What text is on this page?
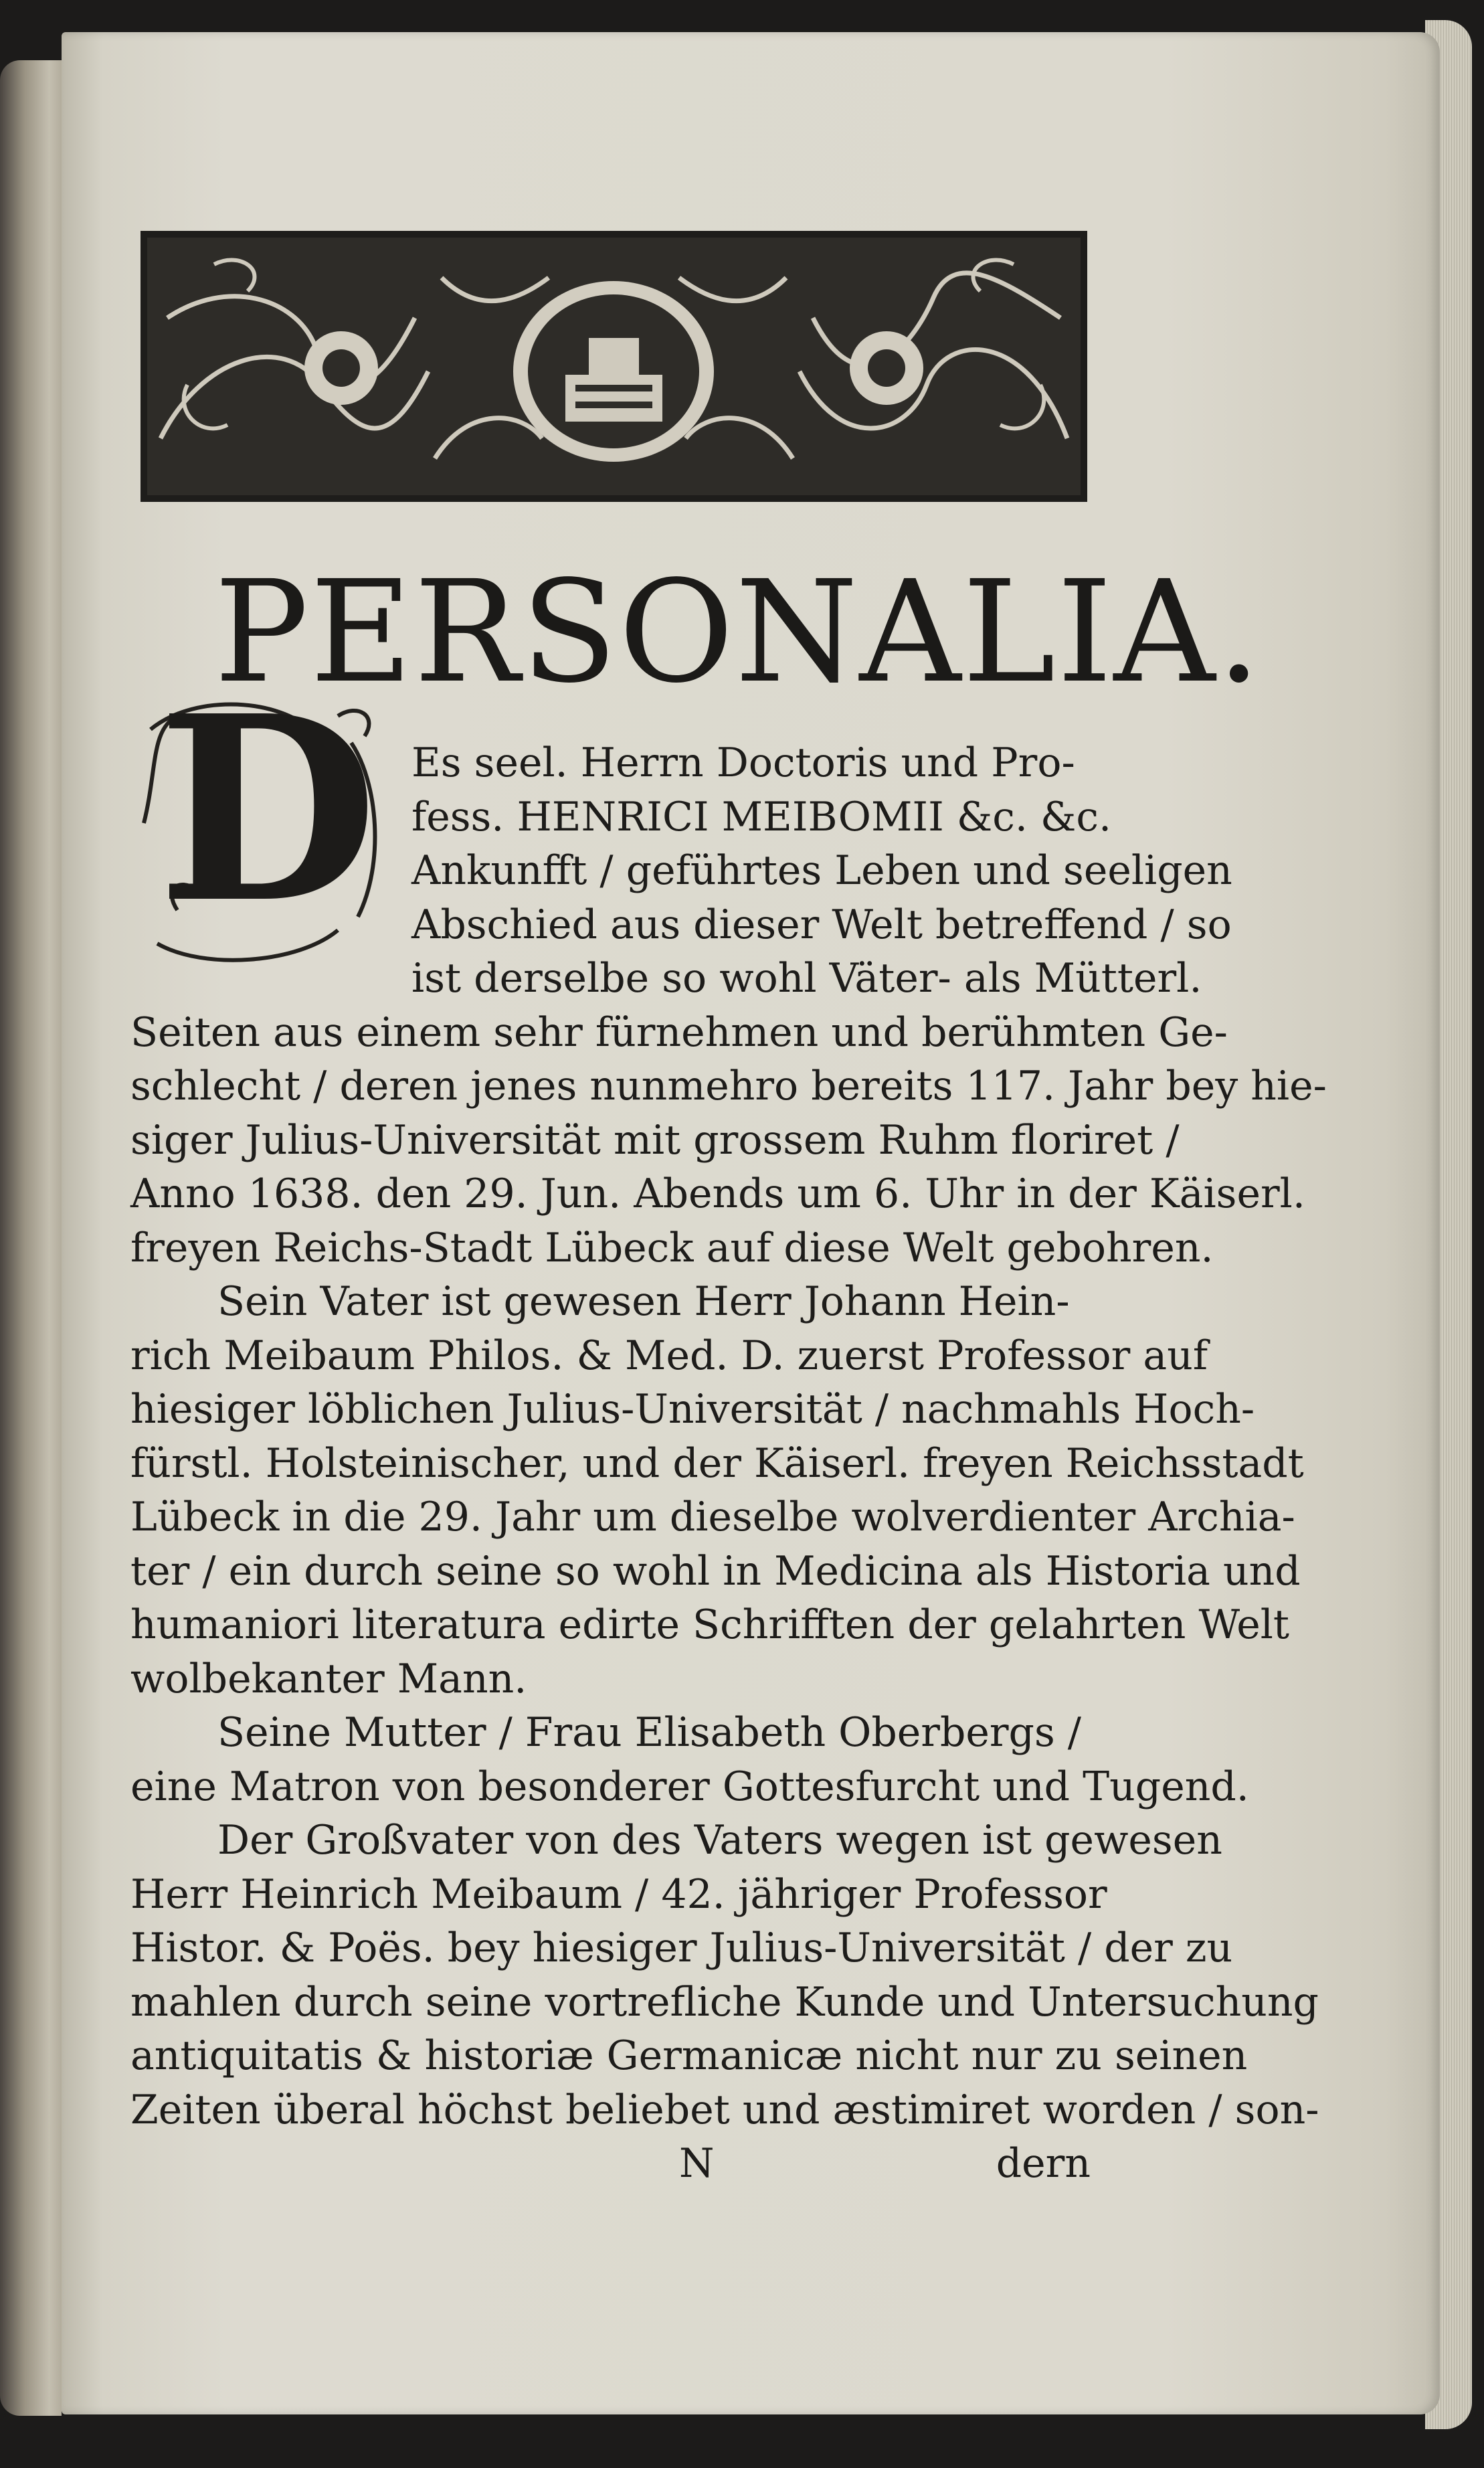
PERSONALIA.
D Es seel. Herrn Doctoris und Pro-
fess. HENRICI MEIBOMII &c. &c.
Ankunfft / geführtes Leben und seeligen
Abschied aus dieser Welt betreffend / so
ist derselbe so wohl Väter- als Mütterl.
Seiten aus einem sehr fürnehmen und berühmten Ge-
schlecht / deren jenes nunmehro bereits 117. Jahr bey hie-
siger Julius-Universität mit grossem Ruhm floriret /
Anno 1638. den 29. Jun. Abends um 6. Uhr in der Käiserl.
freyen Reichs-Stadt Lübeck auf diese Welt gebohren.
Sein Vater ist gewesen Herr Johann Hein-
rich Meibaum Philos. & Med. D. zuerst Professor auf
hiesiger löblichen Julius-Universität / nachmahls Hoch-
fürstl. Holsteinischer, und der Käiserl. freyen Reichsstadt
Lübeck in die 29. Jahr um dieselbe wolverdienter Archia-
ter / ein durch seine so wohl in Medicina als Historia und
humaniori literatura edirte Schrifften der gelahrten Welt
wolbekanter Mann.
Seine Mutter / Frau Elisabeth Oberbergs /
eine Matron von besonderer Gottesfurcht und Tugend.
Der Großvater von des Vaters wegen ist gewesen
Herr Heinrich Meibaum / 42. jähriger Professor
Histor. & Poës. bey hiesiger Julius-Universität / der zu
mahlen durch seine vortrefliche Kunde und Untersuchung
antiquitatis & historiæ Germanicæ nicht nur zu seinen
Zeiten überal höchst beliebet und æstimiret worden / son-
N	dern
